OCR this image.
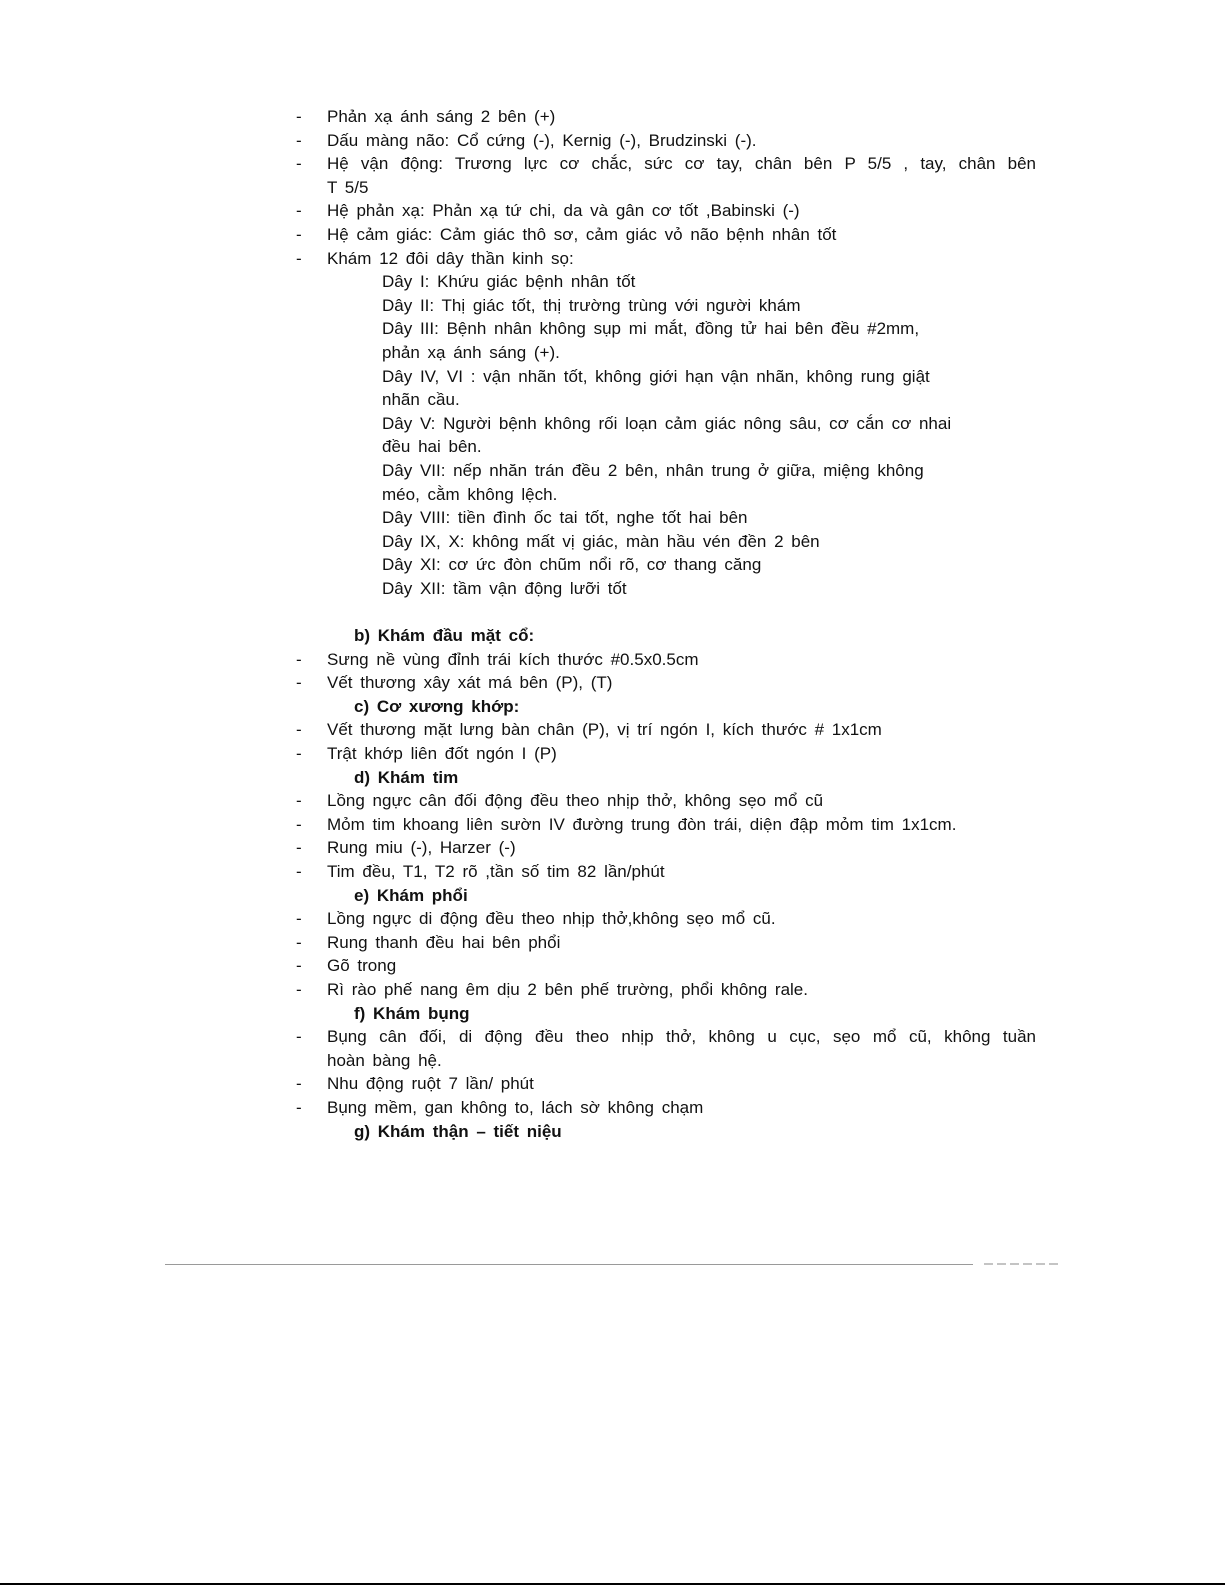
- Phản xạ ánh sáng 2 bên (+)
- Dấu màng não: Cổ cứng (-), Kernig (-), Brudzinski (-).
- Hệ vận động: Trương lực cơ chắc, sức cơ tay, chân bên P 5/5 , tay, chân bên
T 5/5
- Hệ phản xạ: Phản xạ tứ chi, da và gân cơ tốt ,Babinski (-)
- Hệ cảm giác: Cảm giác thô sơ, cảm giác vỏ não bệnh nhân tốt
- Khám 12 đôi dây thần kinh sọ:
Dây I: Khứu giác bệnh nhân tốt
Dây II: Thị giác tốt, thị trường trùng với người khám
Dây III: Bệnh nhân không sụp mi mắt, đồng tử hai bên đều #2mm,
phản xạ ánh sáng (+).
Dây IV, VI : vận nhãn tốt, không giới hạn vận nhãn, không rung giật
nhãn cầu.
Dây V: Người bệnh không rối loạn cảm giác nông sâu, cơ cắn cơ nhai
đều hai bên.
Dây VII: nếp nhăn trán đều 2 bên, nhân trung ở giữa, miệng không
méo, cằm không lệch.
Dây VIII: tiền đình ốc tai tốt, nghe tốt hai bên
Dây IX, X: không mất vị giác, màn hầu vén đền 2 bên
Dây XI: cơ ức đòn chũm nổi rõ, cơ thang căng
Dây XII: tầm vận động lưỡi tốt
b) Khám đầu mặt cổ:
- Sưng nề vùng đỉnh trái kích thước #0.5x0.5cm
- Vết thương xây xát má bên (P), (T)
c) Cơ xương khớp:
- Vết thương mặt lưng bàn chân (P), vị trí ngón I, kích thước # 1x1cm
- Trật khớp liên đốt ngón I (P)
d) Khám tim
- Lồng ngực cân đối động đều theo nhịp thở, không sẹo mổ cũ
- Mỏm tim khoang liên sườn IV đường trung đòn trái, diện đập mỏm tim 1x1cm.
- Rung miu (-), Harzer (-)
- Tim đều, T1, T2 rõ ,tần số tim 82 lần/phút
e) Khám phổi
- Lồng ngực di động đều theo nhịp thở,không sẹo mổ cũ.
- Rung thanh đều hai bên phổi
- Gõ trong
- Rì rào phế nang êm dịu 2 bên phế trường, phổi không rale.
f) Khám bụng
- Bụng cân đối, di động đều theo nhịp thở, không u cục, sẹo mổ cũ, không tuần
hoàn bàng hệ.
- Nhu động ruột 7 lần/ phút
- Bụng mềm, gan không to, lách sờ không chạm
g) Khám thận – tiết niệu
